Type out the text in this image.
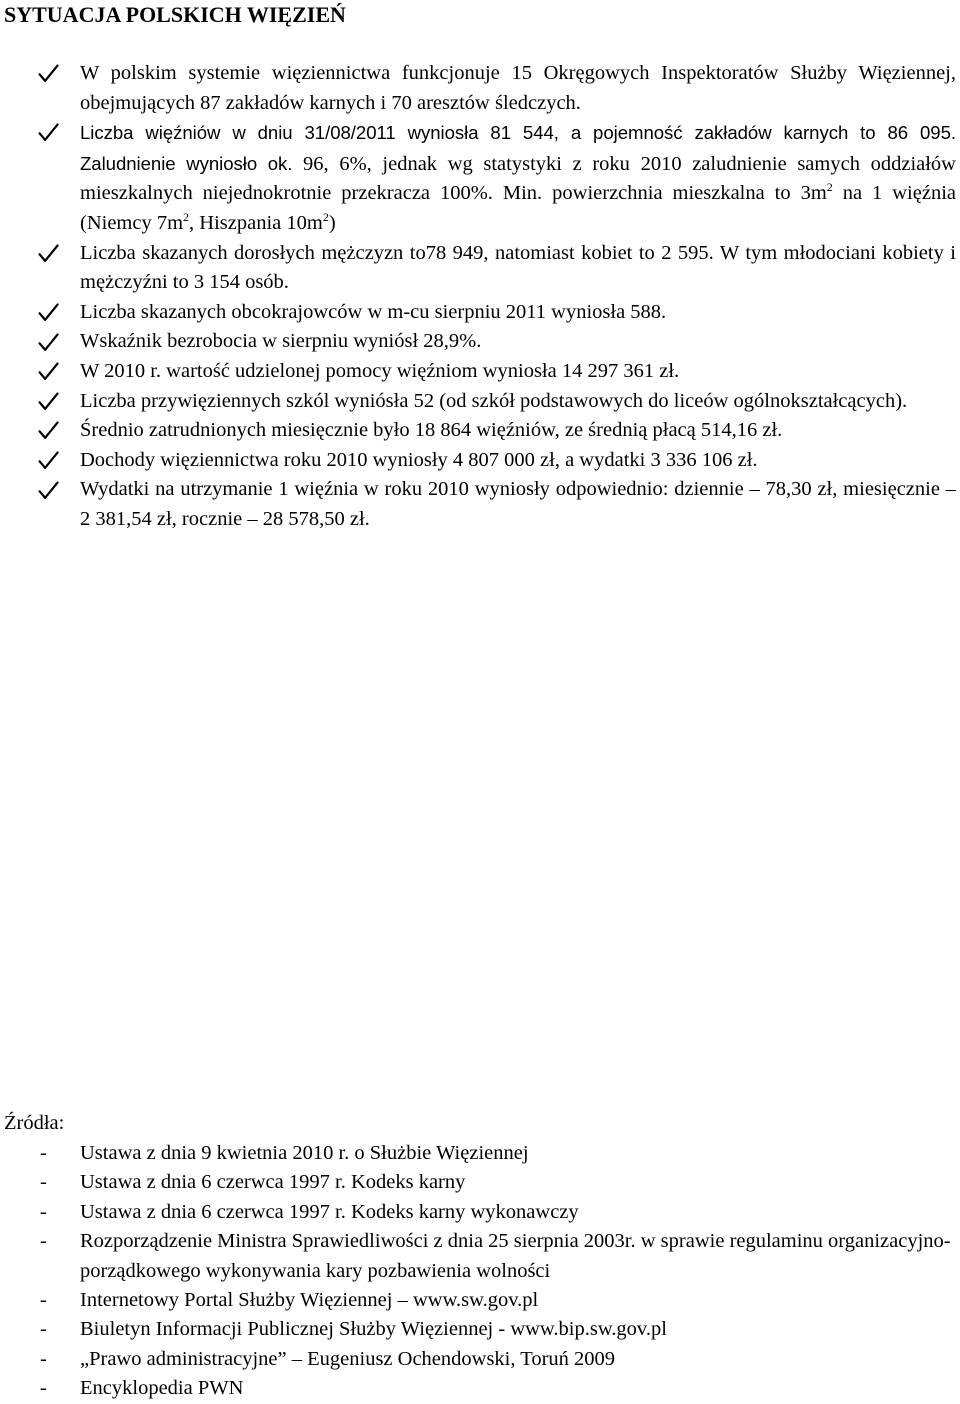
SYTUACJA POLSKICH WIĘZIEŃ
W polskim systemie więziennictwa funkcjonuje 15 Okręgowych Inspektoratów Służby Więziennej, obejmujących 87 zakładów karnych i 70 aresztów śledczych.
Liczba więźniów w dniu 31/08/2011 wyniosła 81 544, a pojemność zakładów karnych to 86 095. Zaludnienie wyniosło ok. 96, 6%, jednak wg statystyki z roku 2010 zaludnienie samych oddziałów mieszkalnych niejednokrotnie przekracza 100%. Min. powierzchnia mieszkalna to $3m^2$ na 1 więźnia (Niemcy $7m^2$, Hiszpania $10m^2$)
Liczba skazanych dorosłych mężczyzn to78 949, natomiast kobiet to 2 595. W tym młodociani kobiety i mężczyźni to 3 154 osób.
Liczba skazanych obcokrajowców w m-cu sierpniu 2011 wyniosła 588.
Wskaźnik bezrobocia w sierpniu wyniósł 28,9%.
W 2010 r. wartość udzielonej pomocy więźniom wyniosła 14 297 361 zł.
Liczba przywięziennych szkól wyniósła 52 (od szkół podstawowych do liceów ogólnokształcących).
Średnio zatrudnionych miesięcznie było 18 864 więźniów, ze średnią płacą 514,16 zł.
Dochody więziennictwa roku 2010 wyniosły 4 807 000 zł, a wydatki 3 336 106 zł.
Wydatki na utrzymanie 1 więźnia w roku 2010 wyniosły odpowiednio: dziennie – 78,30 zł, miesięcznie – 2 381,54 zł, rocznie – 28 578,50 zł.
Źródła:
- Ustawa z dnia 9 kwietnia 2010 r. o Służbie Więziennej
- Ustawa z dnia 6 czerwca 1997 r. Kodeks karny
- Ustawa z dnia 6 czerwca 1997 r. Kodeks karny wykonawczy
- Rozporządzenie Ministra Sprawiedliwości z dnia 25 sierpnia 2003r. w sprawie regulaminu organizacyjno-porządkowego wykonywania kary pozbawienia wolności
- Internetowy Portal Służby Więziennej – www.sw.gov.pl
- Biuletyn Informacji Publicznej Służby Więziennej - www.bip.sw.gov.pl
- „Prawo administracyjne” – Eugeniusz Ochendowski, Toruń 2009
- Encyklopedia PWN
